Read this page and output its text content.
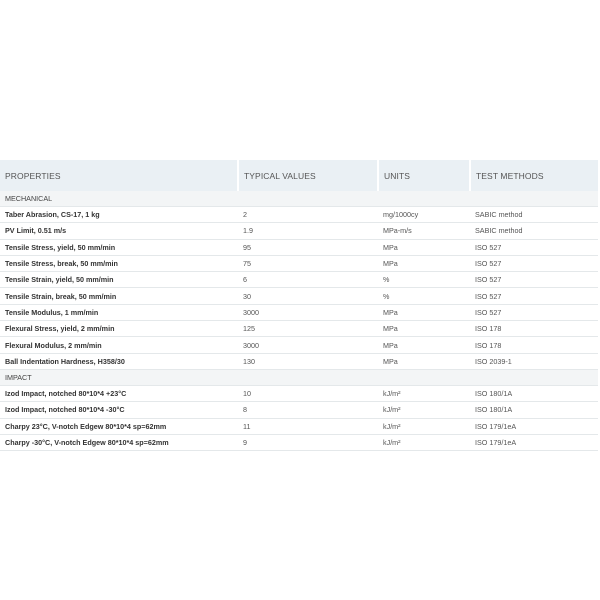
PROPERTIES	TYPICAL VALUES	UNITS	TEST METHODS
MECHANICAL			
Taber Abrasion, CS-17, 1 kg	2	mg/1000cy	SABIC method
PV Limit, 0.51 m/s	1.9	MPa-m/s	SABIC method
Tensile Stress, yield, 50 mm/min	95	MPa	ISO 527
Tensile Stress, break, 50 mm/min	75	MPa	ISO 527
Tensile Strain, yield, 50 mm/min	6	%	ISO 527
Tensile Strain, break, 50 mm/min	30	%	ISO 527
Tensile Modulus, 1 mm/min	3000	MPa	ISO 527
Flexural Stress, yield, 2 mm/min	125	MPa	ISO 178
Flexural Modulus, 2 mm/min	3000	MPa	ISO 178
Ball Indentation Hardness, H358/30	130	MPa	ISO 2039-1
IMPACT			
Izod Impact, notched 80*10*4 +23°C	10	kJ/m²	ISO 180/1A
Izod Impact, notched 80*10*4 -30°C	8	kJ/m²	ISO 180/1A
Charpy 23°C, V-notch Edgew 80*10*4 sp=62mm	11	kJ/m²	ISO 179/1eA
Charpy -30°C, V-notch Edgew 80*10*4 sp=62mm	9	kJ/m²	ISO 179/1eA
